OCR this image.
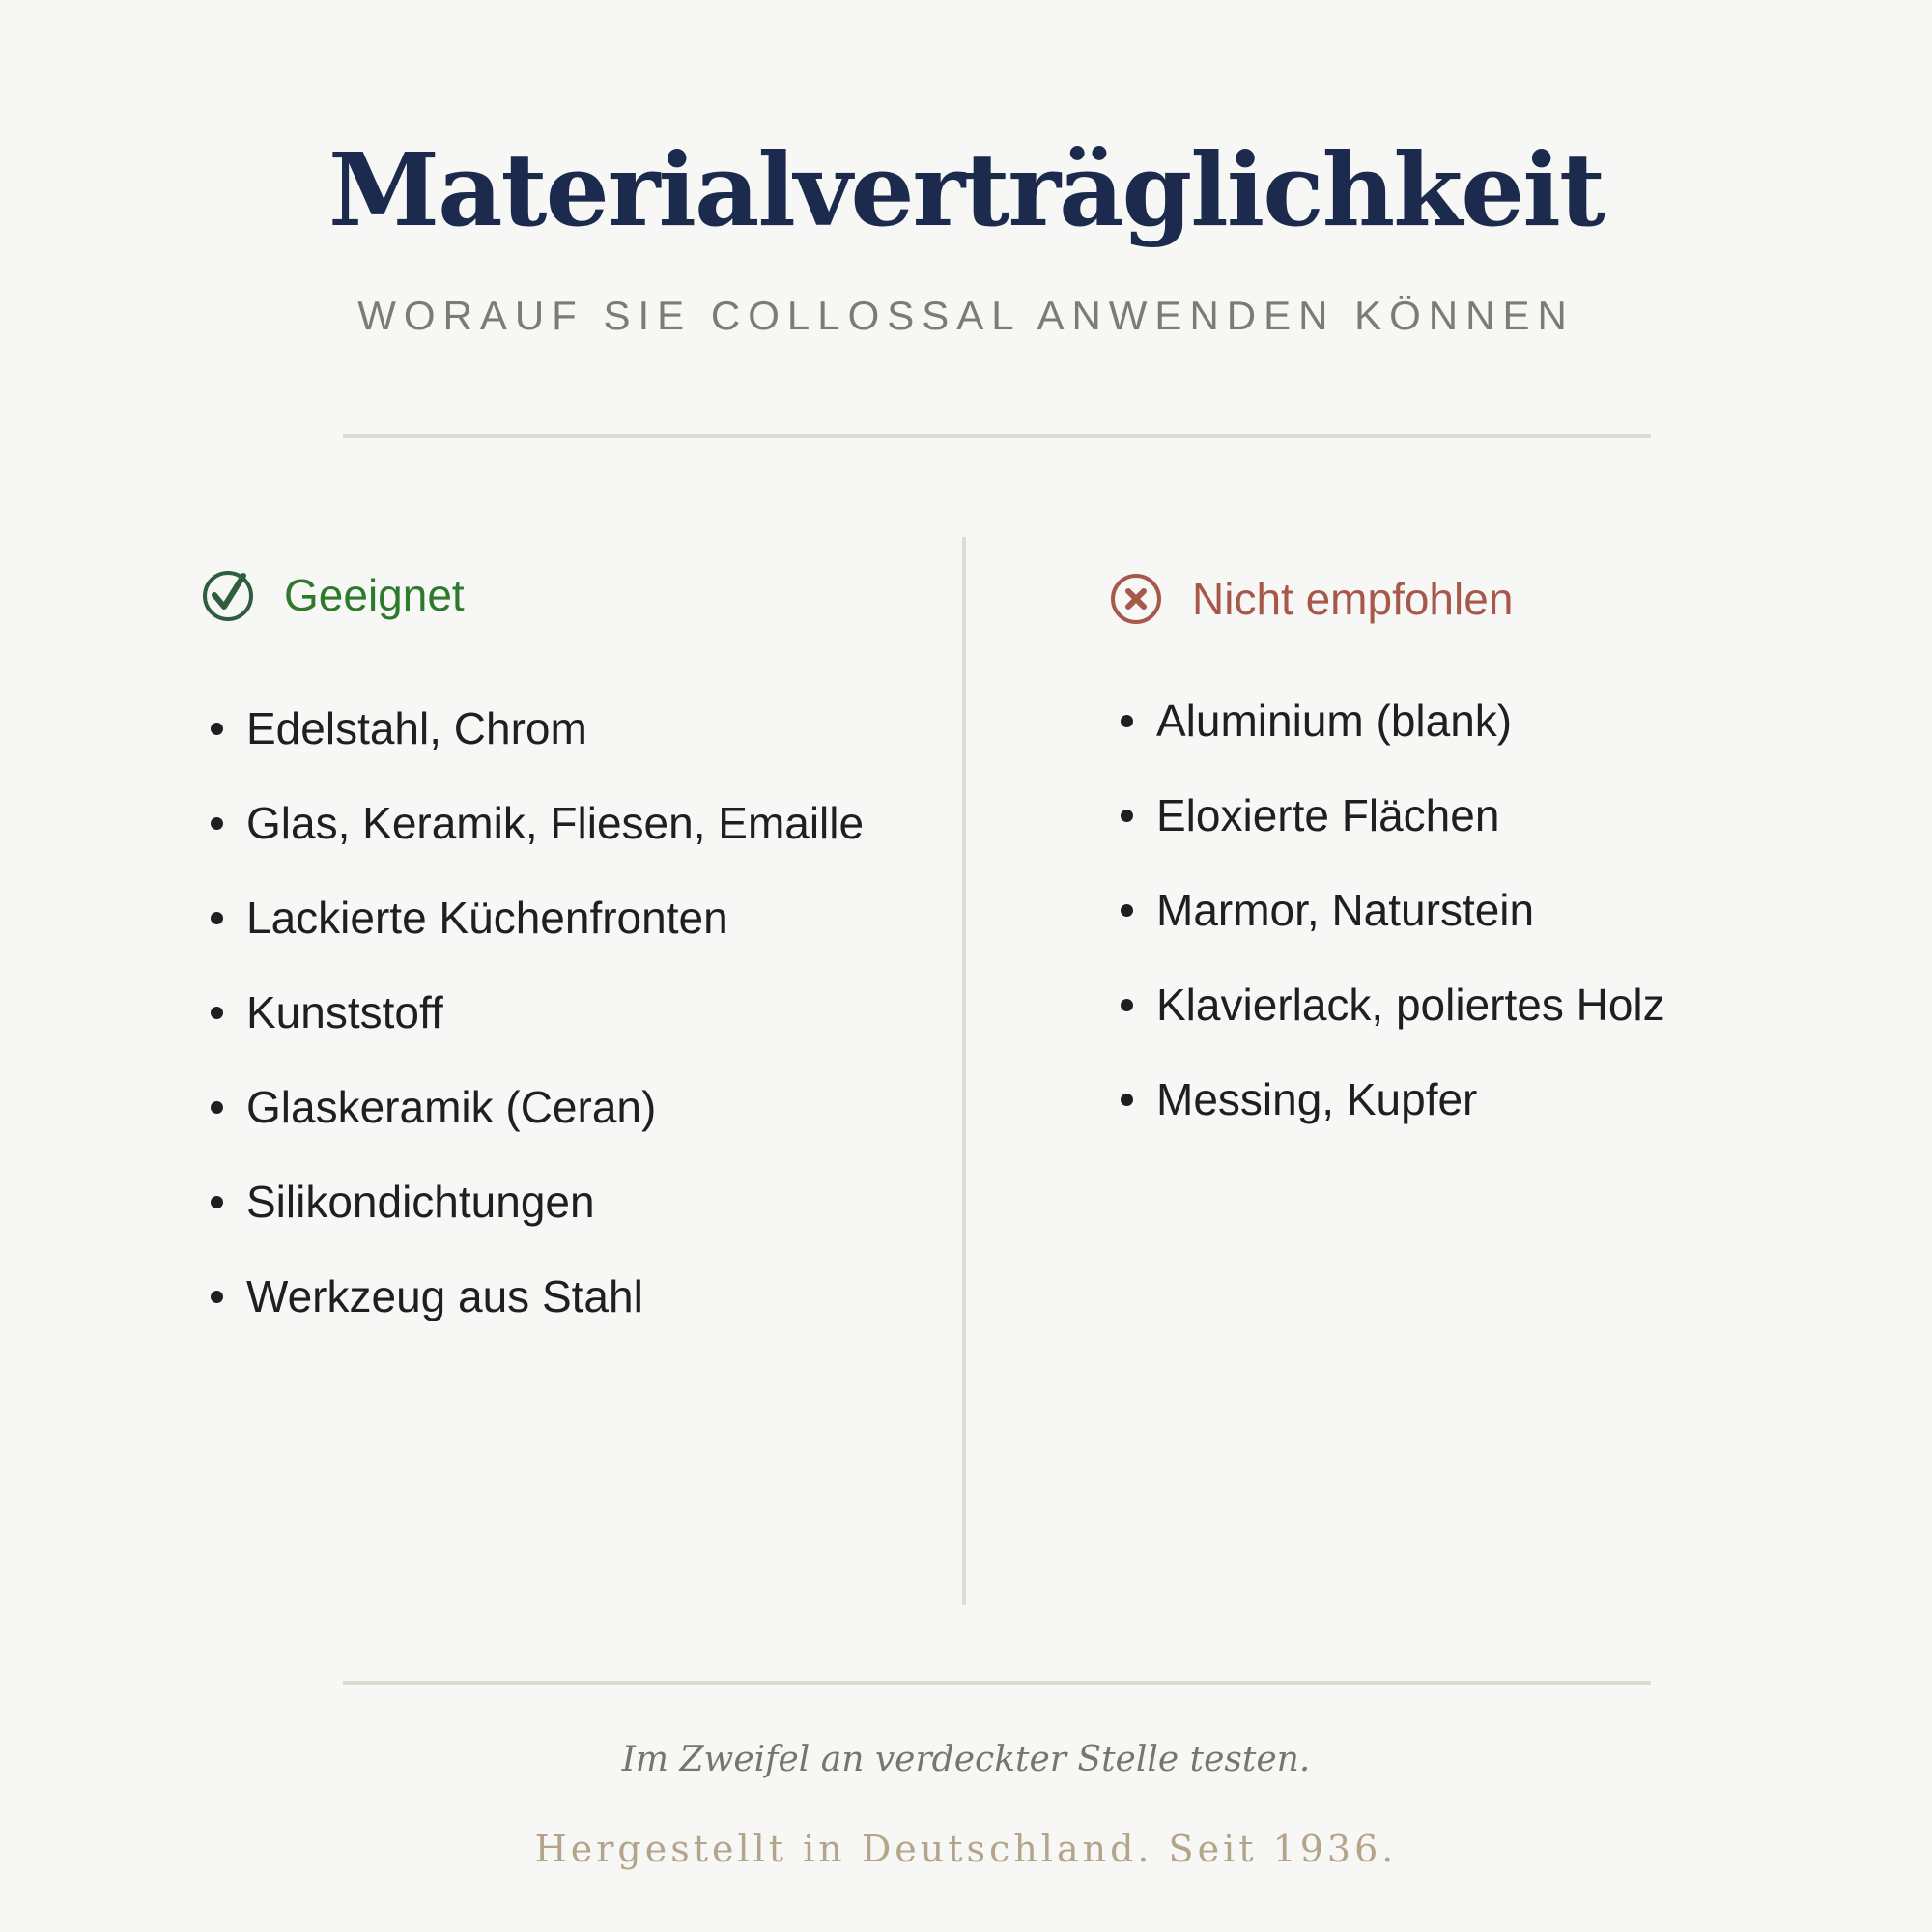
Materialverträglichkeit
WORAUF SIE COLLOSSAL ANWENDEN KÖNNEN
Geeignet
Edelstahl, Chrom
Glas, Keramik, Fliesen, Emaille
Lackierte Küchenfronten
Kunststoff
Glaskeramik (Ceran)
Silikondichtungen
Werkzeug aus Stahl
Nicht empfohlen
Aluminium (blank)
Eloxierte Flächen
Marmor, Naturstein
Klavierlack, poliertes Holz
Messing, Kupfer
Im Zweifel an verdeckter Stelle testen.
Hergestellt in Deutschland. Seit 1936.
